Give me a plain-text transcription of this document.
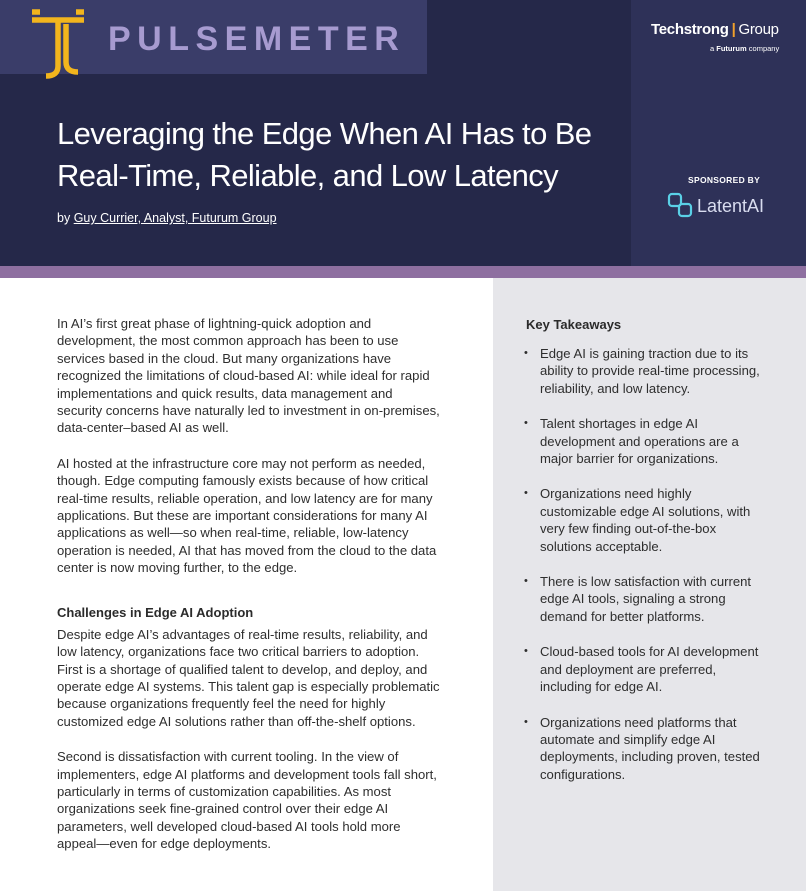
PULSEMETER
Leveraging the Edge When AI Has to Be
Real-Time, Reliable, and Low Latency
by Guy Currier, Analyst, Futurum Group
Techstrong | Group
a Futurum company
SPONSORED BY
LatentAI

In AI’s first great phase of lightning-quick adoption and development, the most common approach has been to use services based in the cloud. But many organizations have recognized the limitations of cloud-based AI: while ideal for rapid implementations and quick results, data management and security concerns have naturally led to investment in on-premises, data-center–based AI as well.

AI hosted at the infrastructure core may not perform as needed, though. Edge computing famously exists because of how critical real-time results, reliable operation, and low latency are for many applications. But these are important considerations for many AI applications as well—so when real-time, reliable, low-latency operation is needed, AI that has moved from the cloud to the data center is now moving further, to the edge.

Challenges in Edge AI Adoption

Despite edge AI’s advantages of real-time results, reliability, and low latency, organizations face two critical barriers to adoption. First is a shortage of qualified talent to develop, and deploy, and operate edge AI systems. This talent gap is especially problematic because organizations frequently feel the need for highly customized edge AI solutions rather than off-the-shelf options.

Second is dissatisfaction with current tooling. In the view of implementers, edge AI platforms and development tools fall short, particularly in terms of customization capabilities. As most organizations seek fine-grained control over their edge AI parameters, well developed cloud-based AI tools hold more appeal—even for edge deployments.

Key Takeaways
• Edge AI is gaining traction due to its ability to provide real-time processing, reliability, and low latency.
• Talent shortages in edge AI development and operations are a major barrier for organizations.
• Organizations need highly customizable edge AI solutions, with very few finding out-of-the-box solutions acceptable.
• There is low satisfaction with current edge AI tools, signaling a strong demand for better platforms.
• Cloud-based tools for AI development and deployment are preferred, including for edge AI.
• Organizations need platforms that automate and simplify edge AI deployments, including proven, tested configurations.
